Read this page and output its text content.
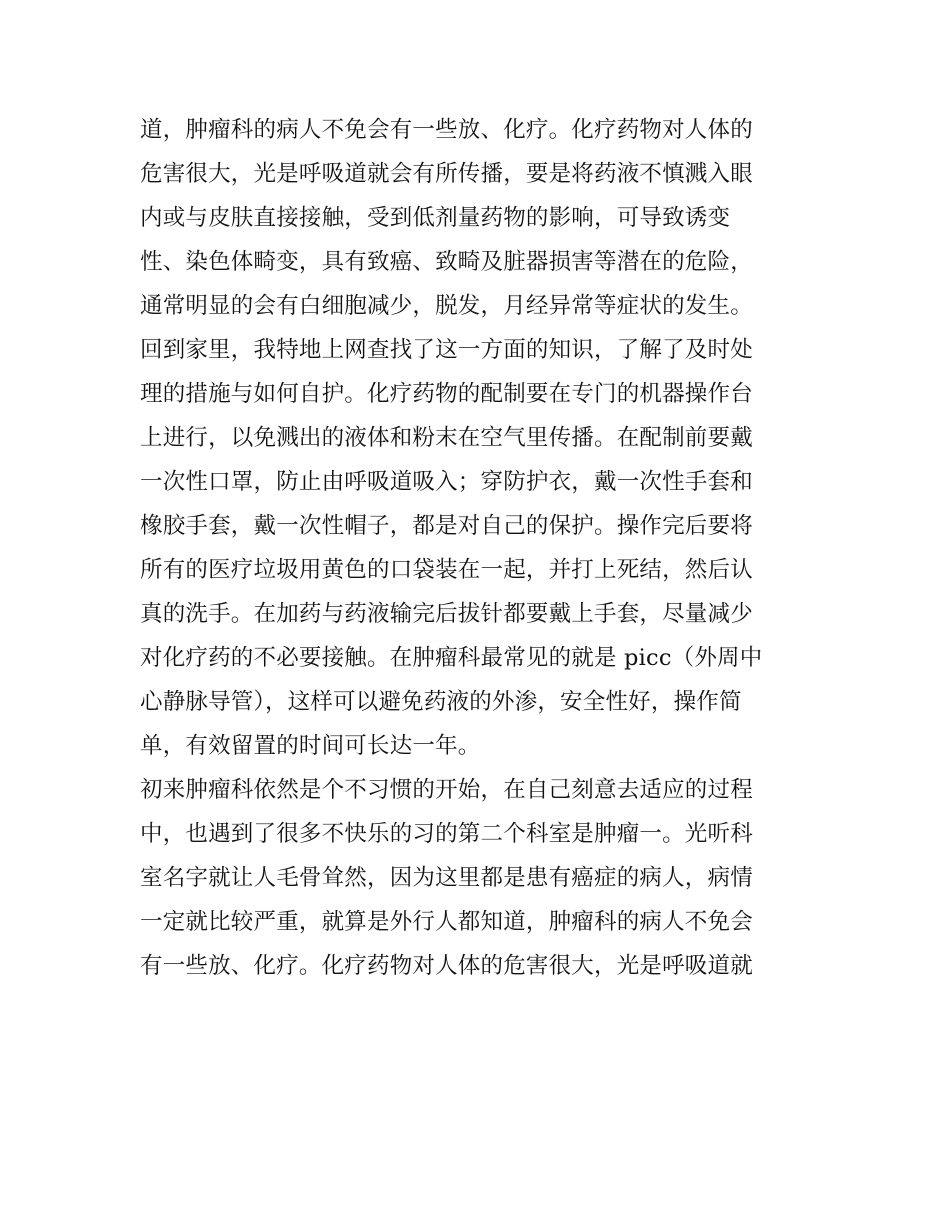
道，肿瘤科的病人不免会有一些放、化疗。化疗药物对人体的
危害很大，光是呼吸道就会有所传播，要是将药液不慎溅入眼
内或与皮肤直接接触，受到低剂量药物的影响，可导致诱变
性、染色体畸变，具有致癌、致畸及脏器损害等潜在的危险，
通常明显的会有白细胞减少，脱发，月经异常等症状的发生。
回到家里，我特地上网查找了这一方面的知识，了解了及时处
理的措施与如何自护。化疗药物的配制要在专门的机器操作台
上进行，以免溅出的液体和粉末在空气里传播。在配制前要戴
一次性口罩，防止由呼吸道吸入；穿防护衣，戴一次性手套和
橡胶手套，戴一次性帽子，都是对自己的保护。操作完后要将
所有的医疗垃圾用黄色的口袋装在一起，并打上死结，然后认
真的洗手。在加药与药液输完后拔针都要戴上手套，尽量减少
对化疗药的不必要接触。在肿瘤科最常见的就是 picc（外周中
心静脉导管），这样可以避免药液的外渗，安全性好，操作简
单，有效留置的时间可长达一年。
初来肿瘤科依然是个不习惯的开始，在自己刻意去适应的过程
中，也遇到了很多不快乐的习的第二个科室是肿瘤一。光听科
室名字就让人毛骨耸然，因为这里都是患有癌症的病人，病情
一定就比较严重，就算是外行人都知道，肿瘤科的病人不免会
有一些放、化疗。化疗药物对人体的危害很大，光是呼吸道就
